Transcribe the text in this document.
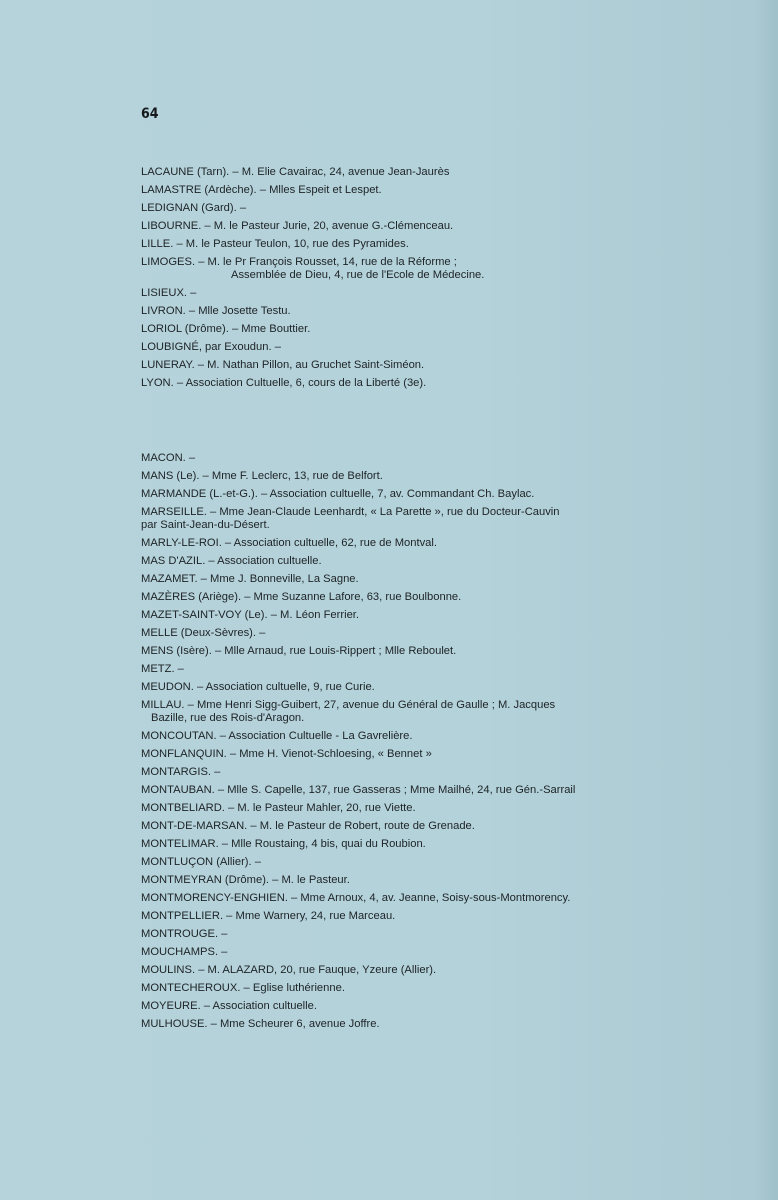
64

LACAUNE (Tarn). – M. Elie Cavairac, 24, avenue Jean-Jaurès

LAMASTRE (Ardèche). – Mlles Espeit et Lespet.

LEDIGNAN (Gard). –

LIBOURNE. – M. le Pasteur Jurie, 20, avenue G.-Clémenceau.

LILLE. – M. le Pasteur Teulon, 10, rue des Pyramides.

LIMOGES. – M. le Pr François Rousset, 14, rue de la Réforme ;

Assemblée de Dieu, 4, rue de l'Ecole de Médecine.

LISIEUX. –

LIVRON. – Mlle Josette Testu.

LORIOL (Drôme). – Mme Bouttier.

LOUBIGNÉ, par Exoudun. –

LUNERAY. – M. Nathan Pillon, au Gruchet Saint-Siméon.

LYON. – Association Cultuelle, 6, cours de la Liberté (3e).

MACON. –

MANS (Le). – Mme F. Leclerc, 13, rue de Belfort.

MARMANDE (L.-et-G.). – Association cultuelle, 7, av. Commandant Ch. Baylac.

MARSEILLE. – Mme Jean-Claude Leenhardt, « La Parette », rue du Docteur-Cauvin

par Saint-Jean-du-Désert.

MARLY-LE-ROI. – Association cultuelle, 62, rue de Montval.

MAS D'AZIL. – Association cultuelle.

MAZAMET. – Mme J. Bonneville, La Sagne.

MAZÈRES (Ariège). – Mme Suzanne Lafore, 63, rue Boulbonne.

MAZET-SAINT-VOY (Le). – M. Léon Ferrier.

MELLE (Deux-Sèvres). –

MENS (Isère). – Mlle Arnaud, rue Louis-Rippert ; Mlle Reboulet.

METZ. –

MEUDON. – Association cultuelle, 9, rue Curie.

MILLAU. – Mme Henri Sigg-Guibert, 27, avenue du Général de Gaulle ; M. Jacques

Bazille, rue des Rois-d'Aragon.

MONCOUTAN. – Association Cultuelle - La Gavrelière.

MONFLANQUIN. – Mme H. Vienot-Schloesing, « Bennet »

MONTARGIS. –

MONTAUBAN. – Mlle S. Capelle, 137, rue Gasseras ; Mme Mailhé, 24, rue Gén.-Sarrail

MONTBELIARD. – M. le Pasteur Mahler, 20, rue Viette.

MONT-DE-MARSAN. – M. le Pasteur de Robert, route de Grenade.

MONTELIMAR. – Mlle Roustaing, 4 bis, quai du Roubion.

MONTLUÇON (Allier). –

MONTMEYRAN (Drôme). – M. le Pasteur.

MONTMORENCY-ENGHIEN. – Mme Arnoux, 4, av. Jeanne, Soisy-sous-Montmorency.

MONTPELLIER. – Mme Warnery, 24, rue Marceau.

MONTROUGE. –

MOUCHAMPS. –

MOULINS. – M. ALAZARD, 20, rue Fauque, Yzeure (Allier).

MONTECHEROUX. – Eglise luthérienne.

MOYEURE. – Association cultuelle.

MULHOUSE. – Mme Scheurer 6, avenue Joffre.
